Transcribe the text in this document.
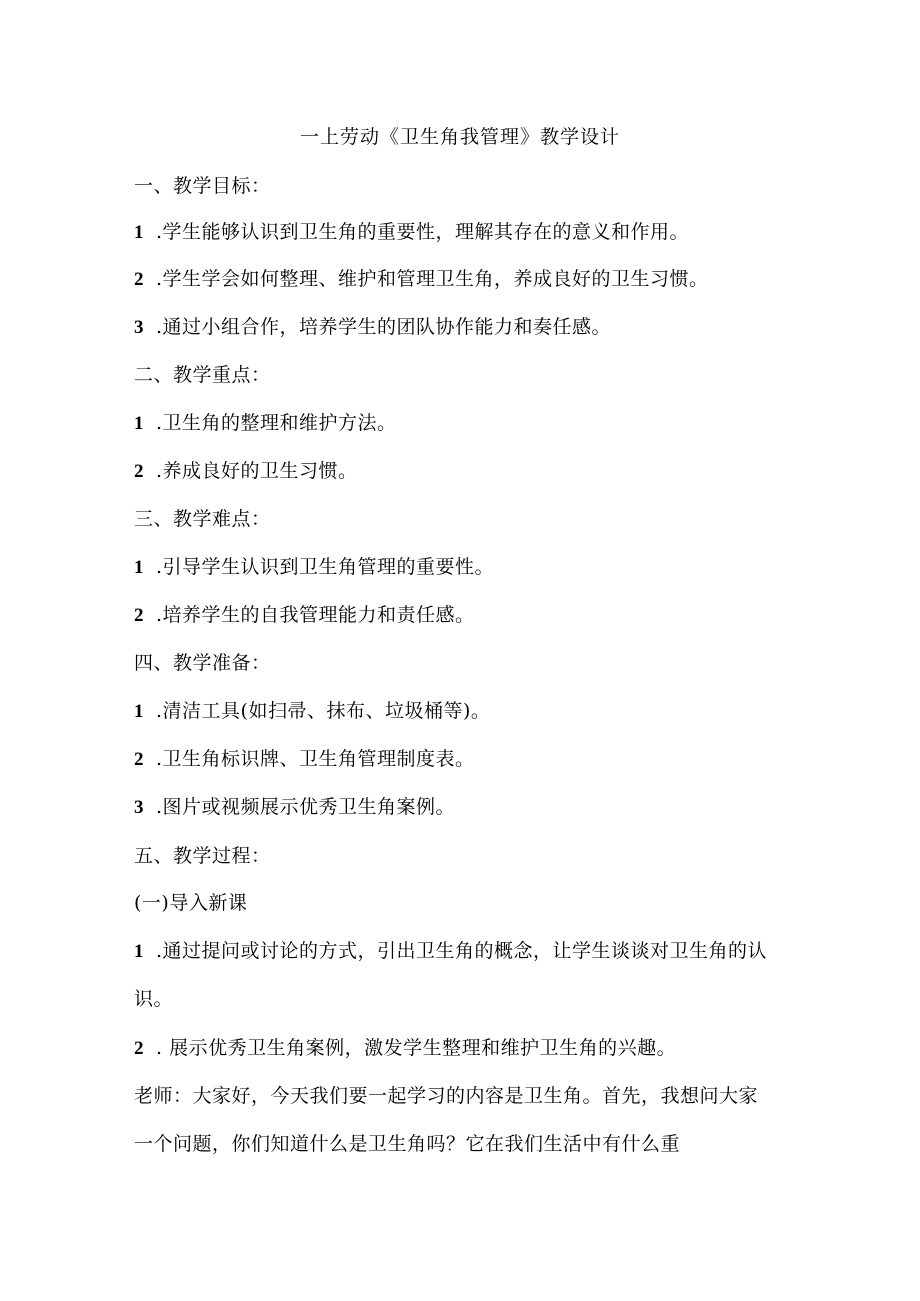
一上劳动《卫生角我管理》教学设计
一、教学目标：
1 .学生能够认识到卫生角的重要性，理解其存在的意义和作用。
2 .学生学会如何整理、维护和管理卫生角，养成良好的卫生习惯。
3 .通过小组合作，培养学生的团队协作能力和奏任感。
二、教学重点：
1 .卫生角的整理和维护方法。
2 .养成良好的卫生习惯。
三、教学难点：
1 .引导学生认识到卫生角管理的重要性。
2 .培养学生的自我管理能力和责任感。
四、教学准备：
1 .清洁工具(如扫帚、抹布、垃圾桶等)。
2 .卫生角标识牌、卫生角管理制度表。
3 .图片或视频展示优秀卫生角案例。
五、教学过程：
(一)导入新课
1 .通过提问或讨论的方式，引出卫生角的概念，让学生谈谈对卫生角的认
识。
2 . 展示优秀卫生角案例，激发学生整理和维护卫生角的兴趣。
老师：大家好，今天我们要一起学习的内容是卫生角。首先，我想问大家
一个问题，你们知道什么是卫生角吗？它在我们生活中有什么重
